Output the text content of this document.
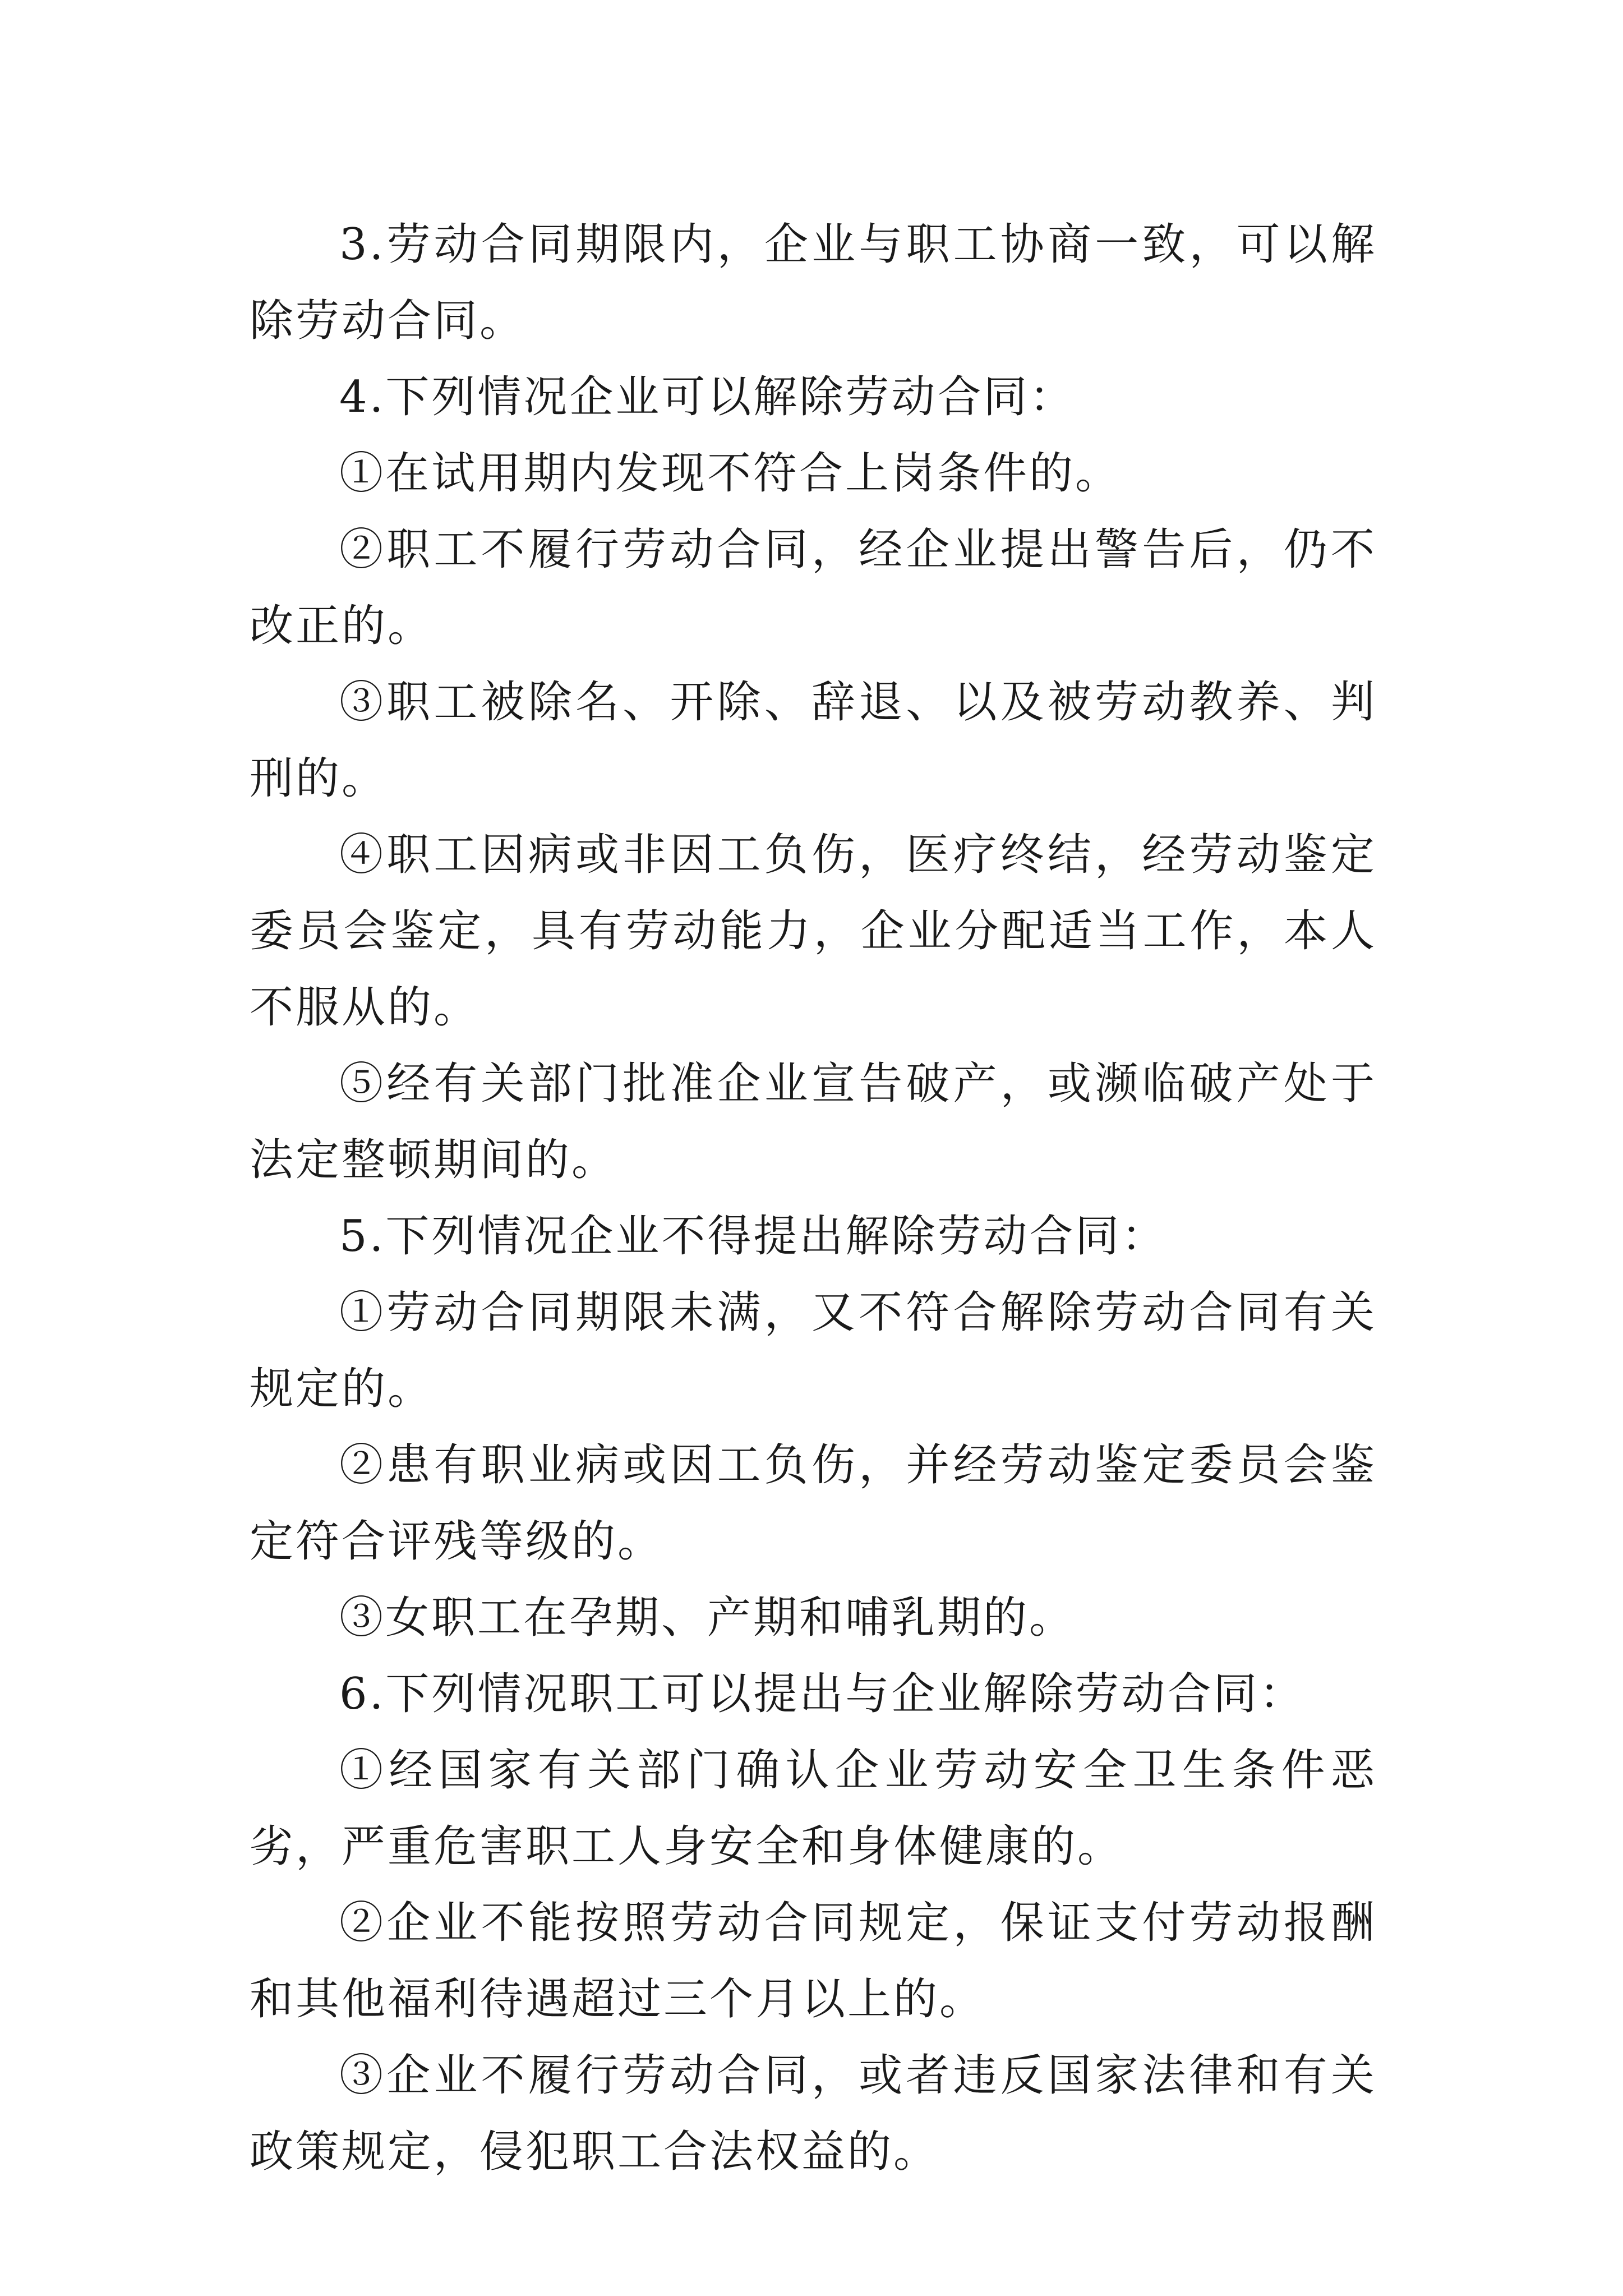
3.劳动合同期限内，企业与职工协商一致，可以解除劳动合同。

4.下列情况企业可以解除劳动合同：

①在试用期内发现不符合上岗条件的。

②职工不履行劳动合同，经企业提出警告后，仍不改正的。

③职工被除名、开除、辞退、以及被劳动教养、判刑的。

④职工因病或非因工负伤，医疗终结，经劳动鉴定委员会鉴定，具有劳动能力，企业分配适当工作，本人不服从的。

⑤经有关部门批准企业宣告破产，或濒临破产处于法定整顿期间的。

5.下列情况企业不得提出解除劳动合同：

①劳动合同期限未满，又不符合解除劳动合同有关规定的。

②患有职业病或因工负伤，并经劳动鉴定委员会鉴定符合评残等级的。

③女职工在孕期、产期和哺乳期的。

6.下列情况职工可以提出与企业解除劳动合同：

①经国家有关部门确认企业劳动安全卫生条件恶劣，严重危害职工人身安全和身体健康的。

②企业不能按照劳动合同规定，保证支付劳动报酬和其他福利待遇超过三个月以上的。

③企业不履行劳动合同，或者违反国家法律和有关政策规定，侵犯职工合法权益的。
